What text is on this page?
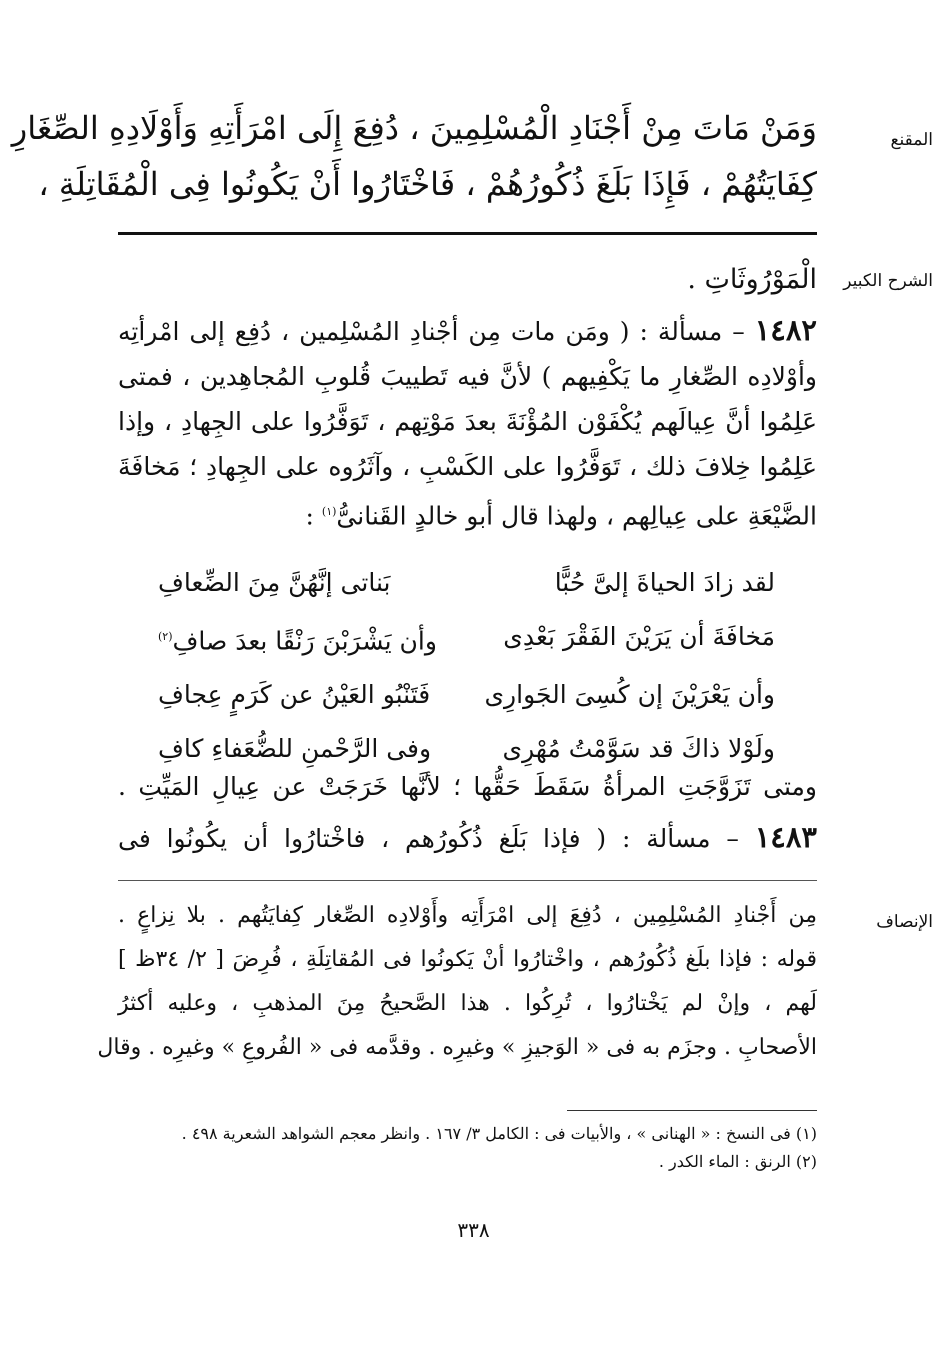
المقنع
وَمَنْ مَاتَ مِنْ أَجْنَادِ الْمُسْلِمِينَ ، دُفِعَ إِلَى امْرَأَتِهِ وَأَوْلَادِهِ الصِّغَارِ
كِفَايَتُهُمْ ، فَإِذَا بَلَغَ ذُكُورُهُمْ ، فَاخْتَارُوا أَنْ يَكُونُوا فِى الْمُقَاتِلَةِ ،
الشرح الكبير
الْمَوْرُوثَاتِ .
١٤٨٢ – مسألة : ( ومَن مات مِن أجْنادِ المُسْلِمين ، دُفِع إلى امْرأتِه
وأوْلادِه الصِّغارِ ما يَكْفِيهم ) لأنَّ فيه تَطييبَ قُلوبِ المُجاهِدين ، فمتى
عَلِمُوا أنَّ عِيالَهم يُكْفَوْن المُؤْنَةَ بعدَ مَوْتِهم ، تَوَفَّرُوا على الجِهادِ ، وإذا
عَلِمُوا خِلافَ ذلك ، تَوَفَّرُوا على الكَسْبِ ، وآثَرُوه على الجِهادِ ؛ مَخافَةَ
الضَّيْعَةِ على عِيالِهم ، ولهذا قال أبو خالدٍ القَنانىُّ$^{(١)}$ :
لقد زادَ الحياةَ إلىَّ حُبًّا
بَناتى إنَّهُنَّ مِنَ الضِّعافِ
مَخافَةَ أن يَرَيْنَ الفَقْرَ بَعْدِى
وأن يَشْرَبْنَ رَنْقًا بعدَ صافِ$^{(٢)}$
وأن يَعْرَيْنَ إن كُسِىَ الجَوارِى
فَتَنْبُو العَيْنُ عن كَرَمٍ عِجافِ
ولَوْلا ذاكَ قد سَوَّمْتُ مُهْرِى
وفى الرَّحْمنِ للضُّعَفاءِ كافِ
ومتى تَزَوَّجَتِ المرأةُ سَقَطَ حَقُّها ؛ لأنَّها خَرَجَتْ عن عِيالِ المَيِّتِ .
١٤٨٣ – مسألة : ( فإذا بَلَغ ذُكُورُهم ، فاخْتارُوا أن يكُونُوا فى
الإنصاف
مِن أَجْنادِ المُسْلِمِين ، دُفِعَ إلى امْرَأَتِه وأَوْلادِه الصِّغار كِفايَتُهم . بلا نِزاعٍ .
قوله : فإذا بلَغ ذُكُورُهم ، واخْتارُوا أنْ يَكونُوا فى المُقاتِلَةِ ، فُرِضَ [ ٢/ ٣٤ظ ]
لَهم ، وإنْ لم يَخْتارُوا ، تُرِكُوا . هذا الصَّحيحُ مِنَ المذهبِ ، وعليه أكثرُ
الأصحابِ . وجزَم به فى « الوَجيزِ » وغيرِه . وقدَّمه فى « الفُروعِ » وغيرِه . وقال
(١) فى النسخ : « الهنانى » ، والأبيات فى : الكامل ٣/ ١٦٧ . وانظر معجم الشواهد الشعرية ٤٩٨ .
(٢) الرنق : الماء الكدر .
٣٣٨
